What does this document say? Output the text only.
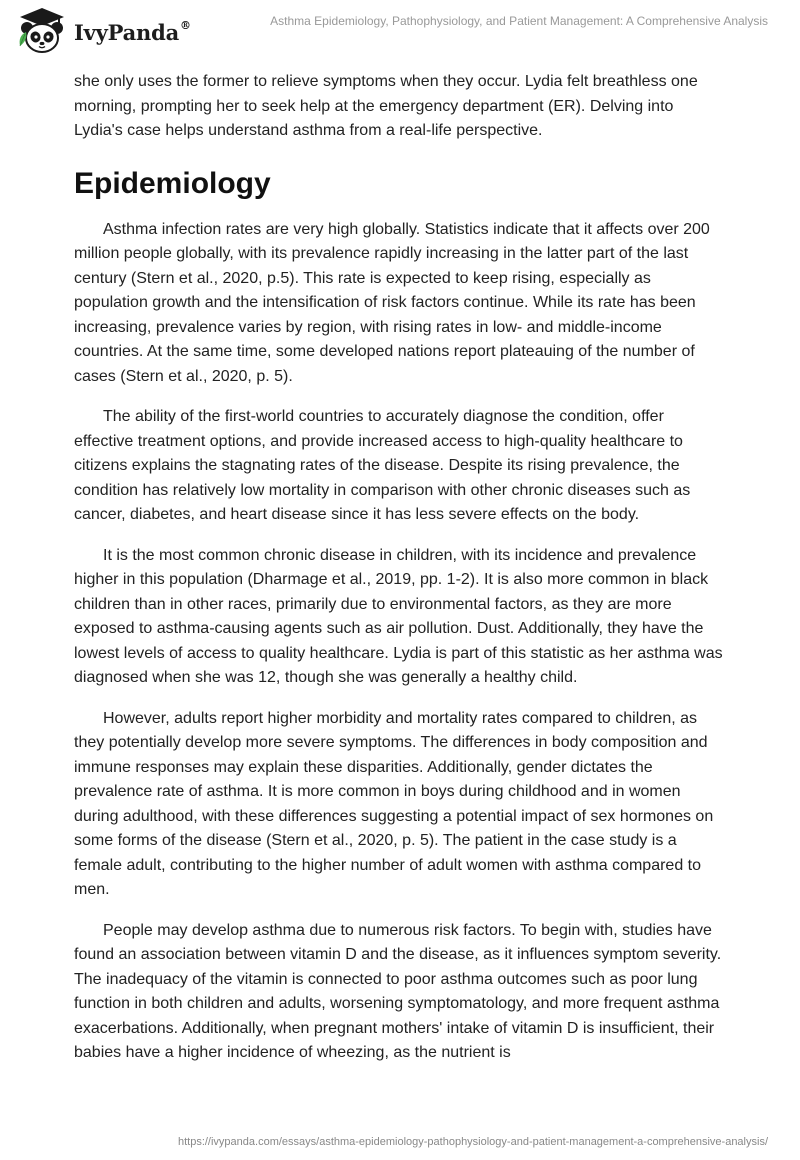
IvyPanda®	Asthma Epidemiology, Pathophysiology, and Patient Management: A Comprehensive Analysis

she only uses the former to relieve symptoms when they occur. Lydia felt breathless one morning, prompting her to seek help at the emergency department (ER). Delving into Lydia's case helps understand asthma from a real-life perspective.

Epidemiology

Asthma infection rates are very high globally. Statistics indicate that it affects over 200 million people globally, with its prevalence rapidly increasing in the latter part of the last century (Stern et al., 2020, p.5). This rate is expected to keep rising, especially as population growth and the intensification of risk factors continue. While its rate has been increasing, prevalence varies by region, with rising rates in low- and middle-income countries. At the same time, some developed nations report plateauing of the number of cases (Stern et al., 2020, p. 5).

The ability of the first-world countries to accurately diagnose the condition, offer effective treatment options, and provide increased access to high-quality healthcare to citizens explains the stagnating rates of the disease. Despite its rising prevalence, the condition has relatively low mortality in comparison with other chronic diseases such as cancer, diabetes, and heart disease since it has less severe effects on the body.

It is the most common chronic disease in children, with its incidence and prevalence higher in this population (Dharmage et al., 2019, pp. 1-2). It is also more common in black children than in other races, primarily due to environmental factors, as they are more exposed to asthma-causing agents such as air pollution. Dust. Additionally, they have the lowest levels of access to quality healthcare. Lydia is part of this statistic as her asthma was diagnosed when she was 12, though she was generally a healthy child.

However, adults report higher morbidity and mortality rates compared to children, as they potentially develop more severe symptoms. The differences in body composition and immune responses may explain these disparities. Additionally, gender dictates the prevalence rate of asthma. It is more common in boys during childhood and in women during adulthood, with these differences suggesting a potential impact of sex hormones on some forms of the disease (Stern et al., 2020, p. 5). The patient in the case study is a female adult, contributing to the higher number of adult women with asthma compared to men.

People may develop asthma due to numerous risk factors. To begin with, studies have found an association between vitamin D and the disease, as it influences symptom severity. The inadequacy of the vitamin is connected to poor asthma outcomes such as poor lung function in both children and adults, worsening symptomatology, and more frequent asthma exacerbations. Additionally, when pregnant mothers' intake of vitamin D is insufficient, their babies have a higher incidence of wheezing, as the nutrient is

https://ivypanda.com/essays/asthma-epidemiology-pathophysiology-and-patient-management-a-comprehensive-analysis/
